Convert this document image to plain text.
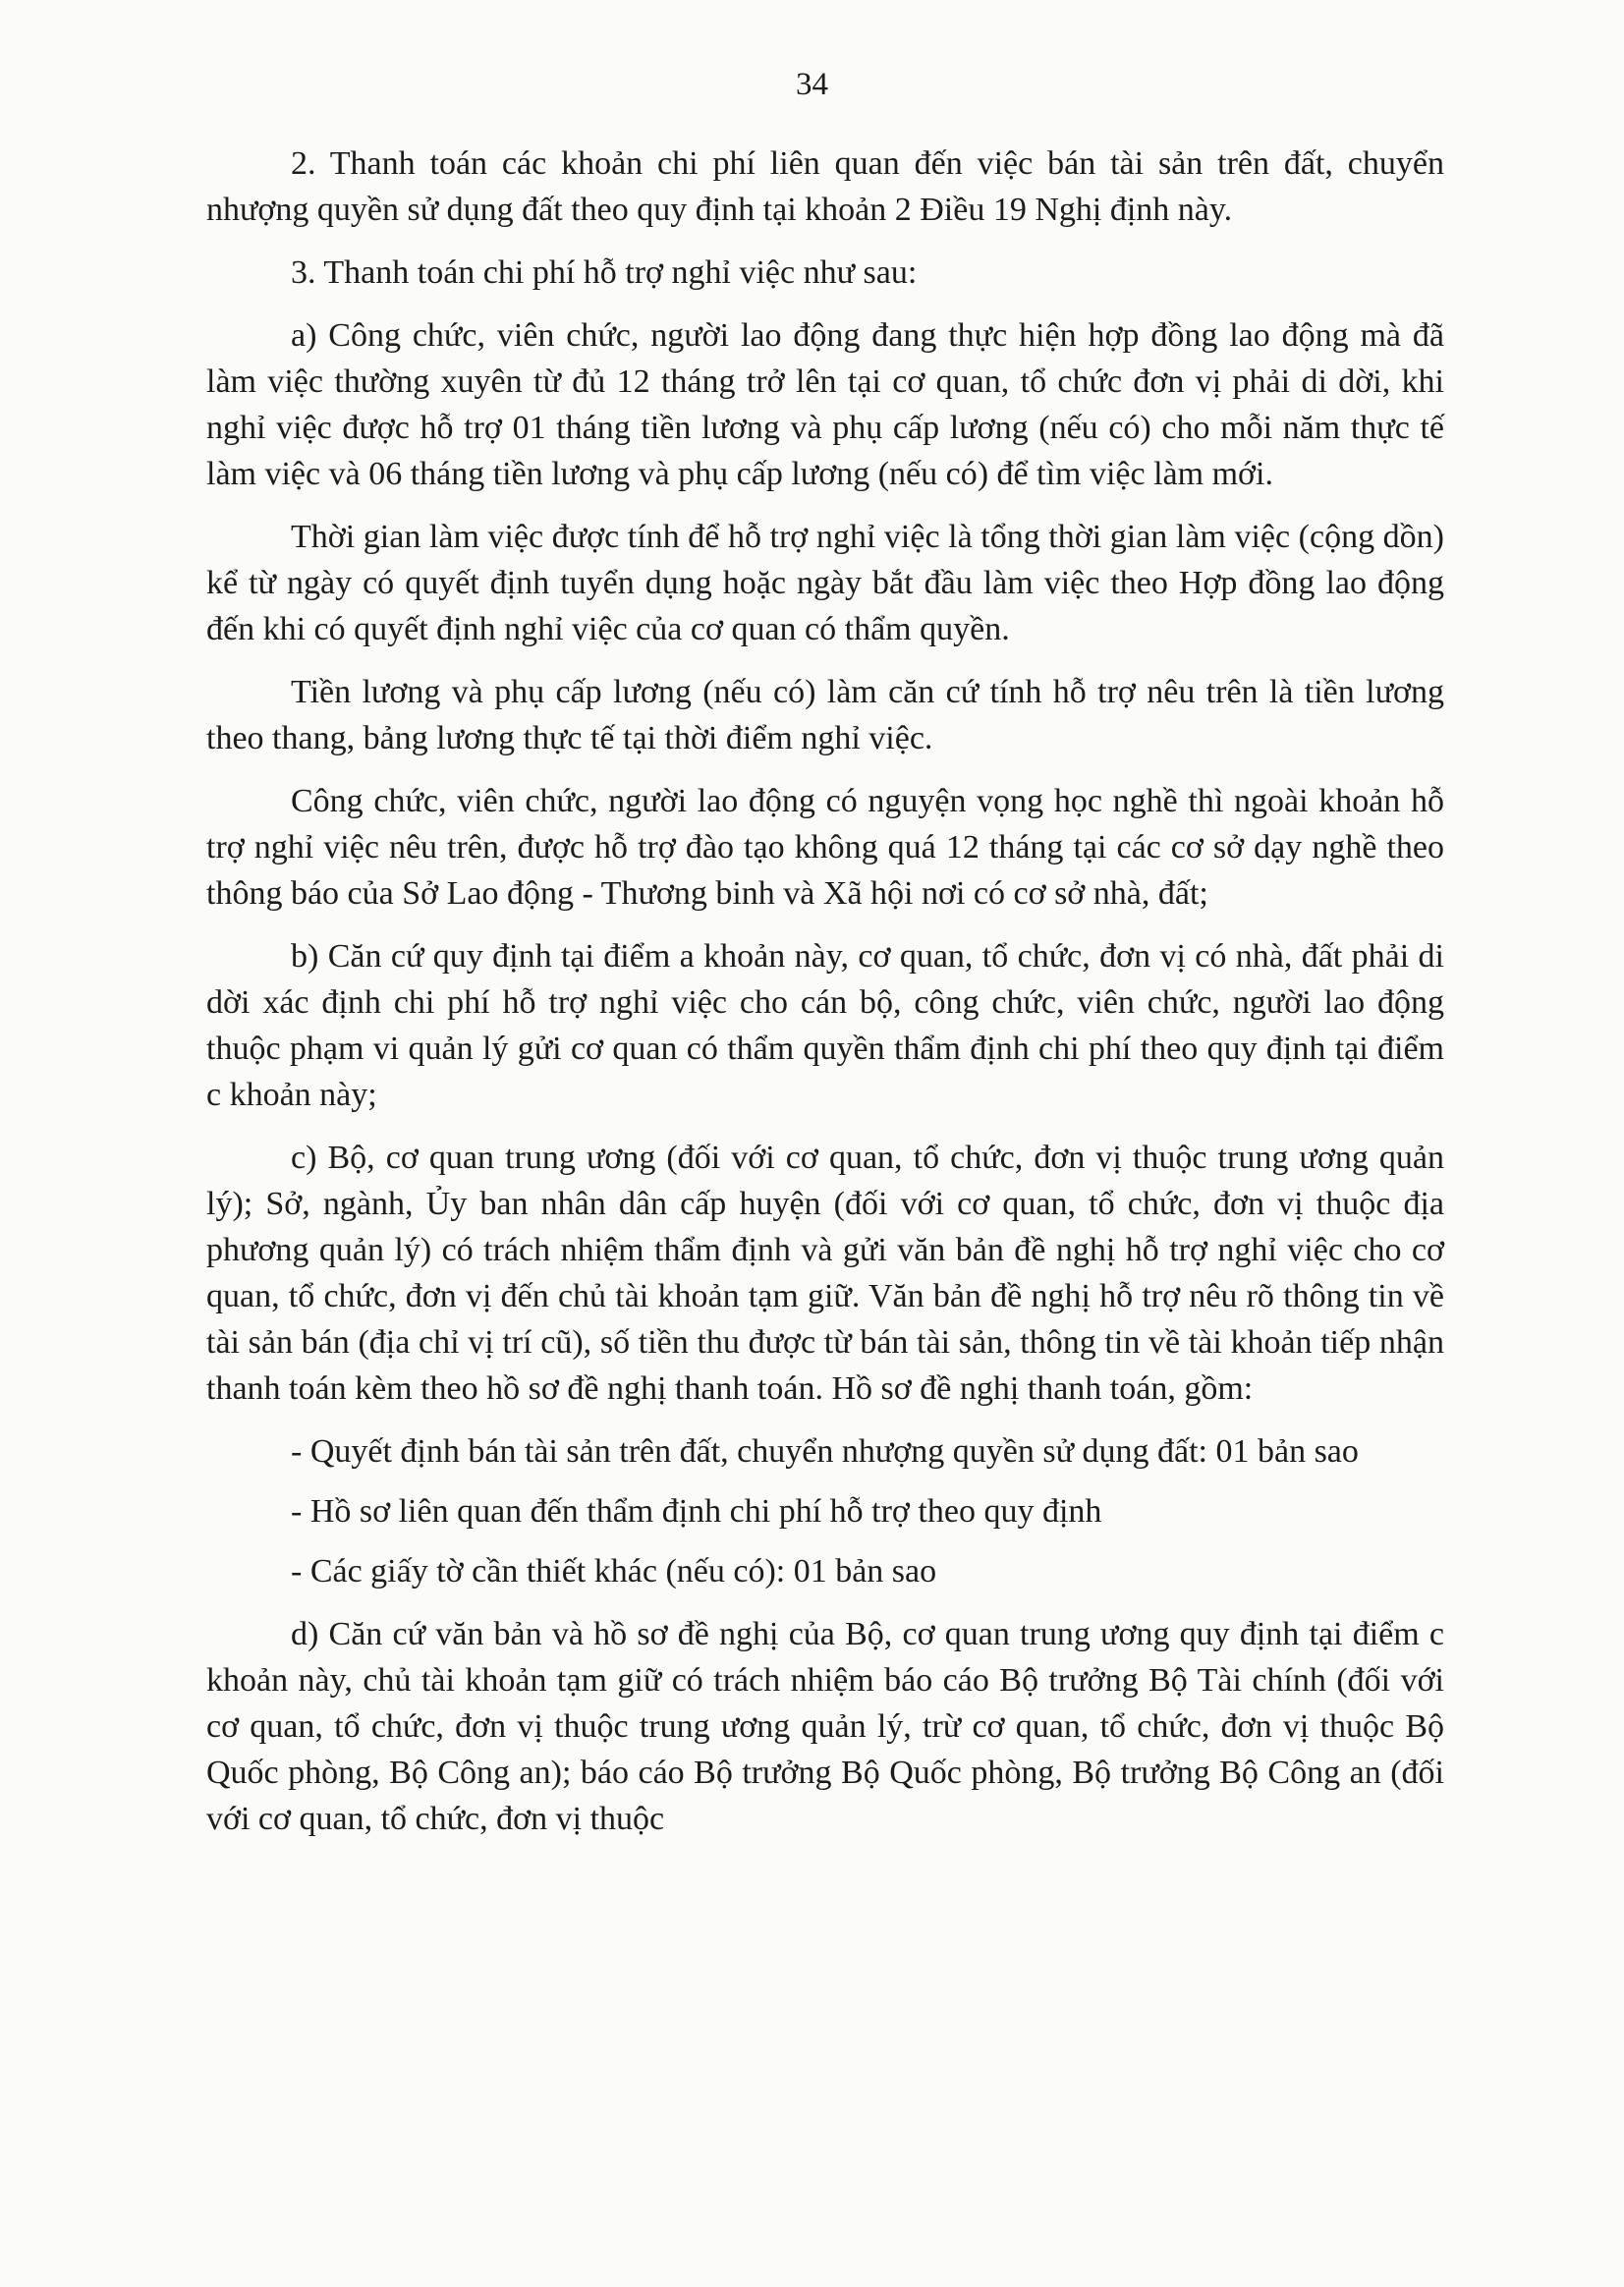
34

2. Thanh toán các khoản chi phí liên quan đến việc bán tài sản trên đất, chuyển nhượng quyền sử dụng đất theo quy định tại khoản 2 Điều 19 Nghị định này.

3. Thanh toán chi phí hỗ trợ nghỉ việc như sau:

a) Công chức, viên chức, người lao động đang thực hiện hợp đồng lao động mà đã làm việc thường xuyên từ đủ 12 tháng trở lên tại cơ quan, tổ chức đơn vị phải di dời, khi nghỉ việc được hỗ trợ 01 tháng tiền lương và phụ cấp lương (nếu có) cho mỗi năm thực tế làm việc và 06 tháng tiền lương và phụ cấp lương (nếu có) để tìm việc làm mới.

Thời gian làm việc được tính để hỗ trợ nghỉ việc là tổng thời gian làm việc (cộng dồn) kể từ ngày có quyết định tuyển dụng hoặc ngày bắt đầu làm việc theo Hợp đồng lao động đến khi có quyết định nghỉ việc của cơ quan có thẩm quyền.

Tiền lương và phụ cấp lương (nếu có) làm căn cứ tính hỗ trợ nêu trên là tiền lương theo thang, bảng lương thực tế tại thời điểm nghỉ việc.

Công chức, viên chức, người lao động có nguyện vọng học nghề thì ngoài khoản hỗ trợ nghỉ việc nêu trên, được hỗ trợ đào tạo không quá 12 tháng tại các cơ sở dạy nghề theo thông báo của Sở Lao động - Thương binh và Xã hội nơi có cơ sở nhà, đất;

b) Căn cứ quy định tại điểm a khoản này, cơ quan, tổ chức, đơn vị có nhà, đất phải di dời xác định chi phí hỗ trợ nghỉ việc cho cán bộ, công chức, viên chức, người lao động thuộc phạm vi quản lý gửi cơ quan có thẩm quyền thẩm định chi phí theo quy định tại điểm c khoản này;

c) Bộ, cơ quan trung ương (đối với cơ quan, tổ chức, đơn vị thuộc trung ương quản lý); Sở, ngành, Ủy ban nhân dân cấp huyện (đối với cơ quan, tổ chức, đơn vị thuộc địa phương quản lý) có trách nhiệm thẩm định và gửi văn bản đề nghị hỗ trợ nghỉ việc cho cơ quan, tổ chức, đơn vị đến chủ tài khoản tạm giữ. Văn bản đề nghị hỗ trợ nêu rõ thông tin về tài sản bán (địa chỉ vị trí cũ), số tiền thu được từ bán tài sản, thông tin về tài khoản tiếp nhận thanh toán kèm theo hồ sơ đề nghị thanh toán. Hồ sơ đề nghị thanh toán, gồm:

- Quyết định bán tài sản trên đất, chuyển nhượng quyền sử dụng đất: 01 bản sao

- Hồ sơ liên quan đến thẩm định chi phí hỗ trợ theo quy định

- Các giấy tờ cần thiết khác (nếu có): 01 bản sao

d) Căn cứ văn bản và hồ sơ đề nghị của Bộ, cơ quan trung ương quy định tại điểm c khoản này, chủ tài khoản tạm giữ có trách nhiệm báo cáo Bộ trưởng Bộ Tài chính (đối với cơ quan, tổ chức, đơn vị thuộc trung ương quản lý, trừ cơ quan, tổ chức, đơn vị thuộc Bộ Quốc phòng, Bộ Công an); báo cáo Bộ trưởng Bộ Quốc phòng, Bộ trưởng Bộ Công an (đối với cơ quan, tổ chức, đơn vị thuộc
